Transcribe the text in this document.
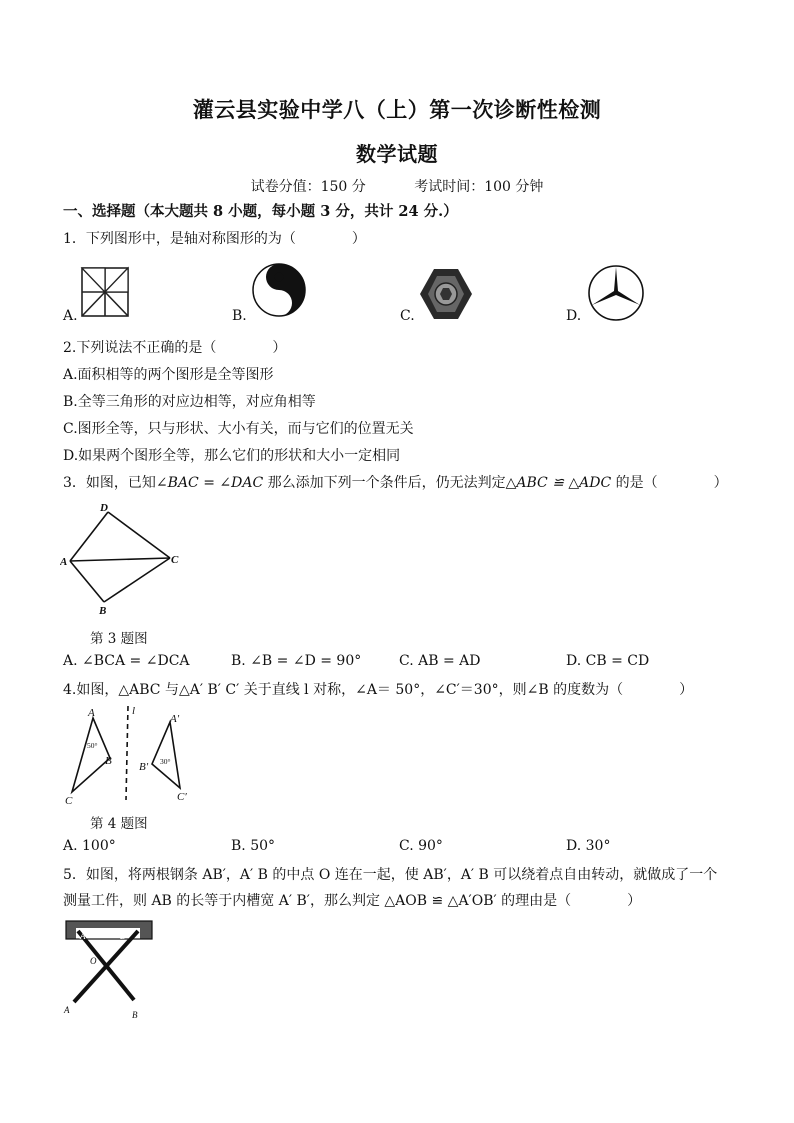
灌云县实验中学八（上）第一次诊断性检测
数学试题
试卷分值：150 分	考试时间：100 分钟
一、选择题（本大题共 8 小题，每小题 3 分，共计 24 分.）
1．下列图形中，是轴对称图形的为（　　　　）
A.	B.	C.	D.
2.下列说法不正确的是（　　　　）
A.面积相等的两个图形是全等图形
B.全等三角形的对应边相等，对应角相等
C.图形全等，只与形状、大小有关，而与它们的位置无关
D.如果两个图形全等，那么它们的形状和大小一定相同
3．如图，已知∠BAC = ∠DAC 那么添加下列一个条件后，仍无法判定△ABC ≌ △ADC 的是（　　　　）
D
A	C
B
第 3 题图
A. ∠BCA = ∠DCA	B. ∠B = ∠D = 90°	C. AB = AD	D. CB = CD
4.如图，△ABC 与△A′ B′ C′ 关于直线 l 对称，∠A＝ 50°，∠C′＝30°，则∠B 的度数为（　　　　）
A
50°
B
C
l
A′
30°
B′
C′
第 4 题图
A. 100°	B. 50°	C. 90°	D. 30°
5．如图，将两根钢条 AB′，A′ B 的中点 O 连在一起，使 AB′，A′ B 可以绕着点自由转动，就做成了一个
测量工件，则 AB 的长等于内槽宽 A′ B′，那么判定 △AOB ≌ △A′OB′ 的理由是（　　　　）
A′	B′
O
A	B
